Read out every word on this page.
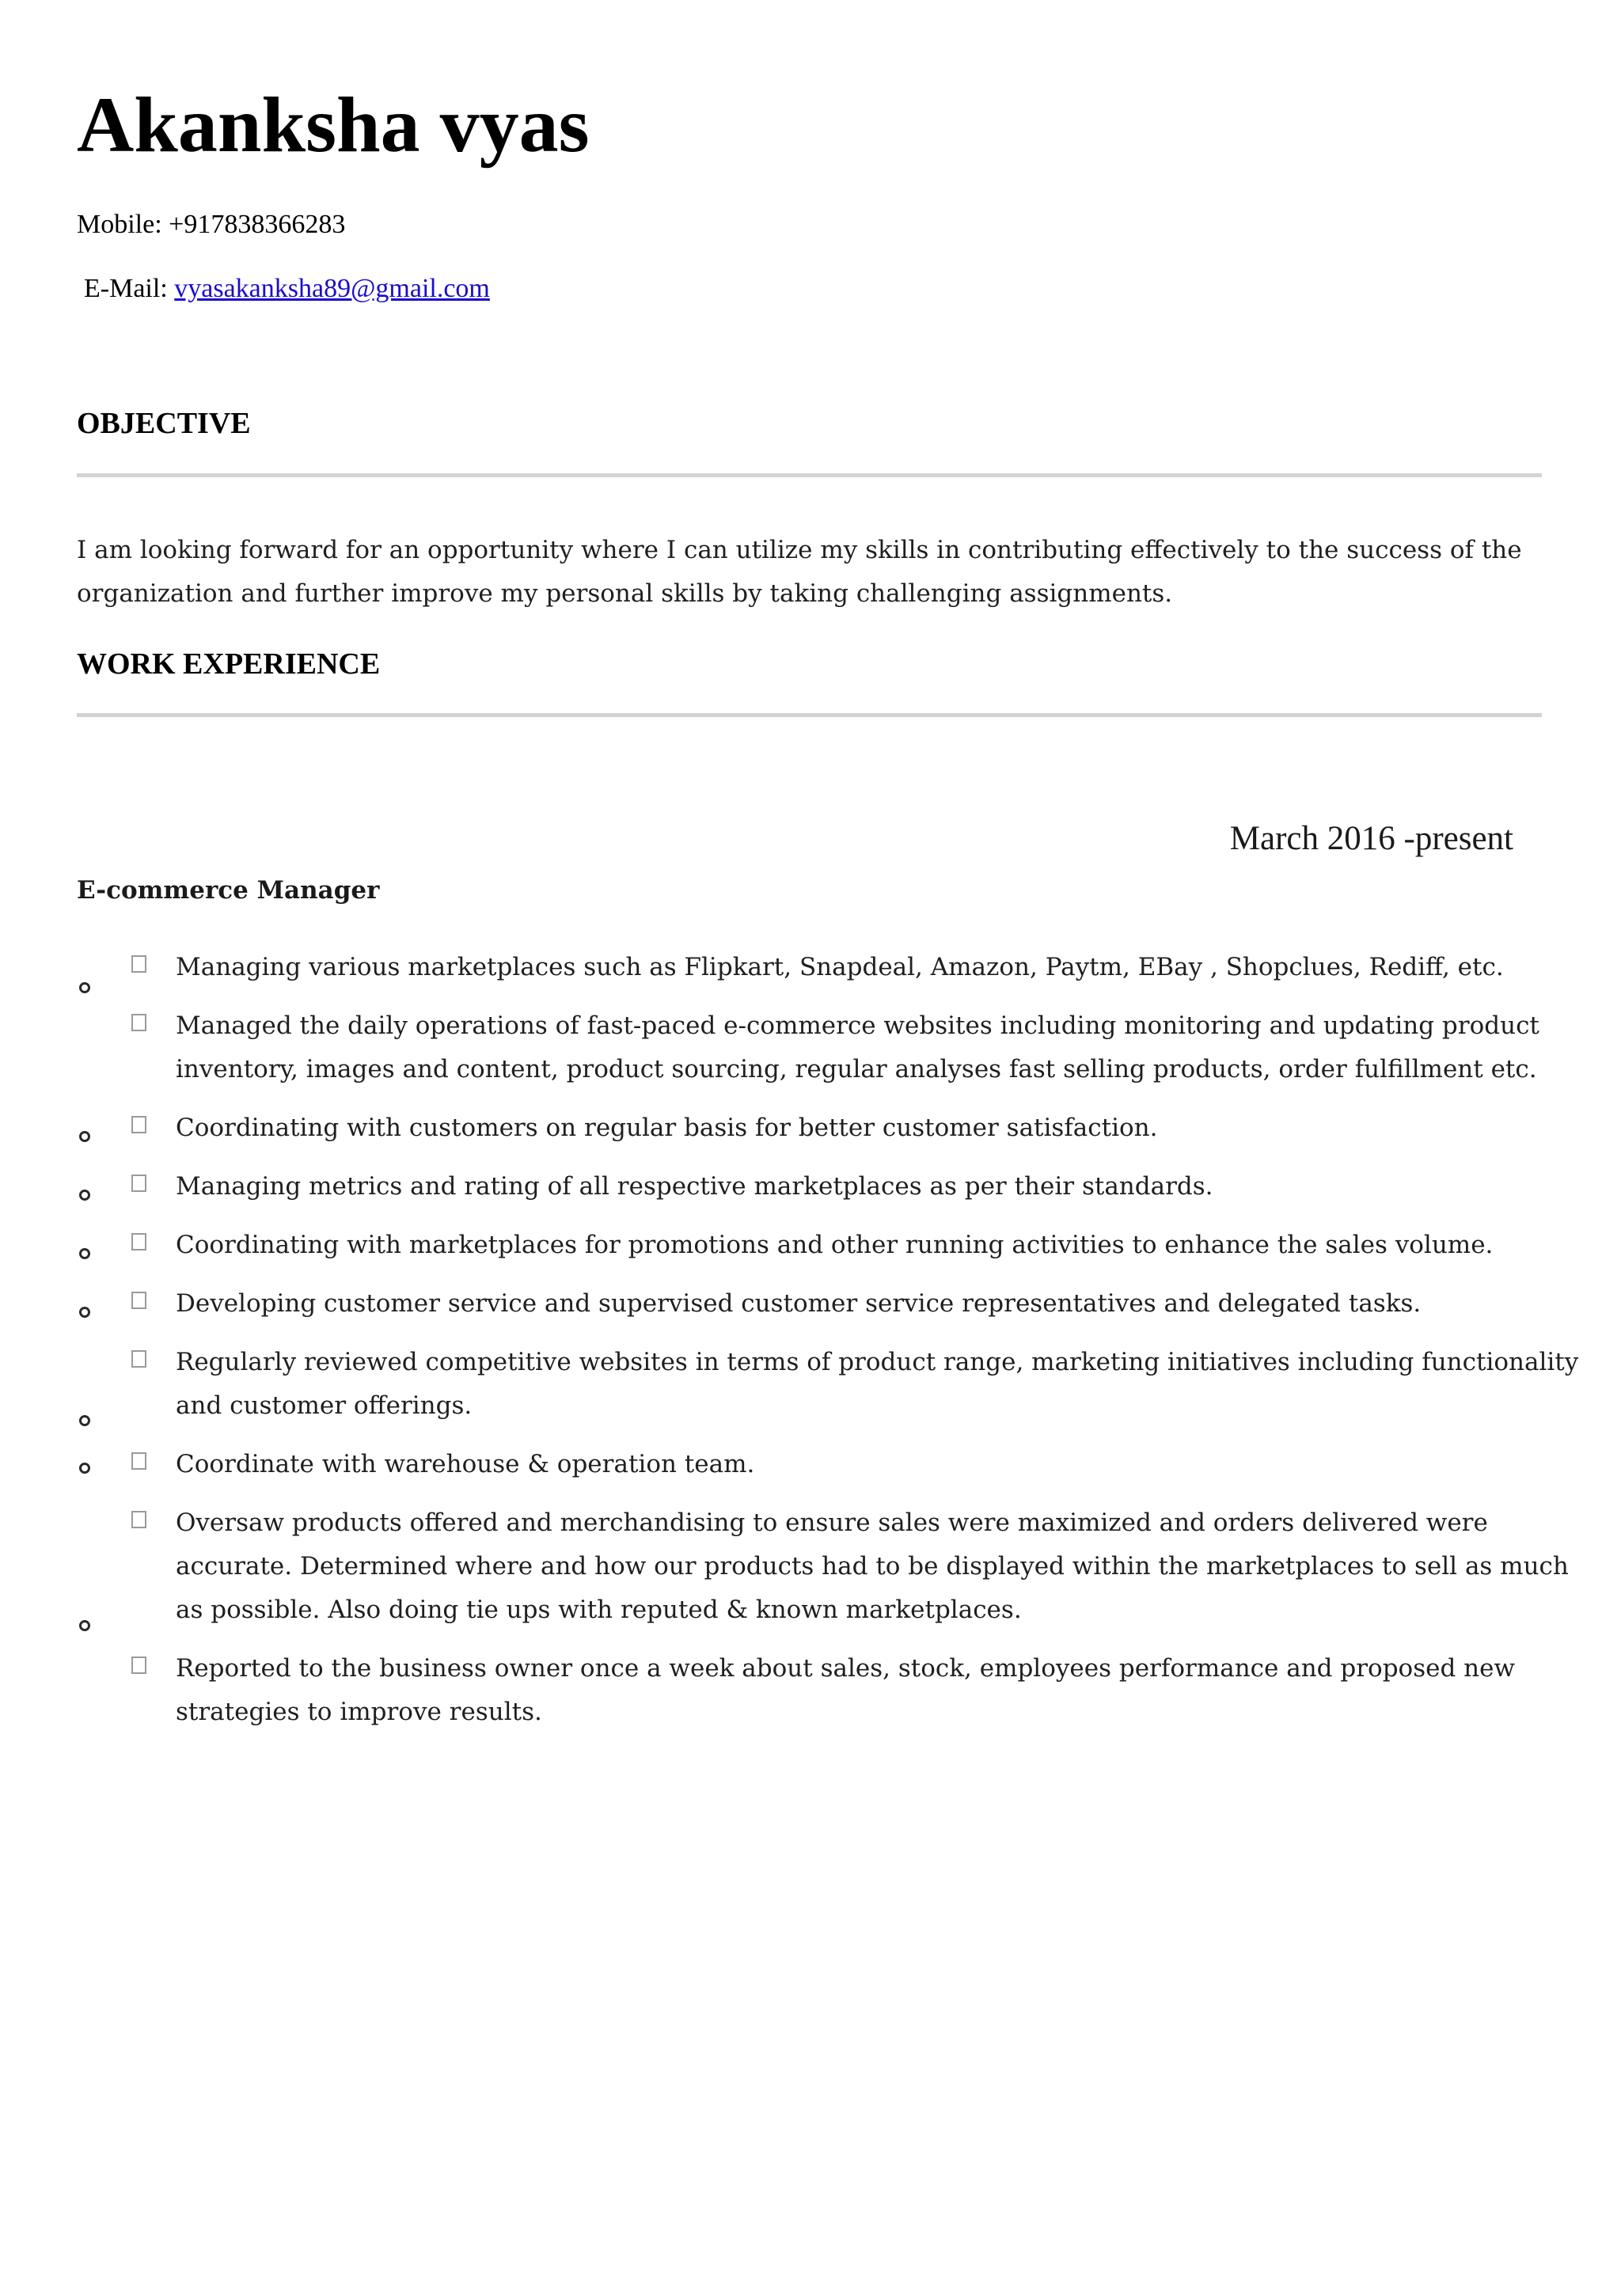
Akanksha vyas
Mobile: +917838366283
E-Mail: vyasakanksha89@gmail.com
OBJECTIVE

I am looking forward for an opportunity where I can utilize my skills in contributing effectively to the success of the organization and further improve my personal skills by taking challenging assignments.

WORK EXPERIENCE
March 2016 -present
E-commerce Manager
Managing various marketplaces such as Flipkart, Snapdeal, Amazon, Paytm, EBay , Shopclues, Rediff, etc.
Managed the daily operations of fast-paced e-commerce websites including monitoring and updating product inventory, images and content, product sourcing, regular analyses fast selling products, order fulfillment etc.
Coordinating with customers on regular basis for better customer satisfaction.
Managing metrics and rating of all respective marketplaces as per their standards.
Coordinating with marketplaces for promotions and other running activities to enhance the sales volume.
Developing customer service and supervised customer service representatives and delegated tasks.
Regularly reviewed competitive websites in terms of product range, marketing initiatives including functionality and customer offerings.
Coordinate with warehouse & operation team.
Oversaw products offered and merchandising to ensure sales were maximized and orders delivered were accurate. Determined where and how our products had to be displayed within the marketplaces to sell as much as possible. Also doing tie ups with reputed & known marketplaces.
Reported to the business owner once a week about sales, stock, employees performance and proposed new strategies to improve results.
